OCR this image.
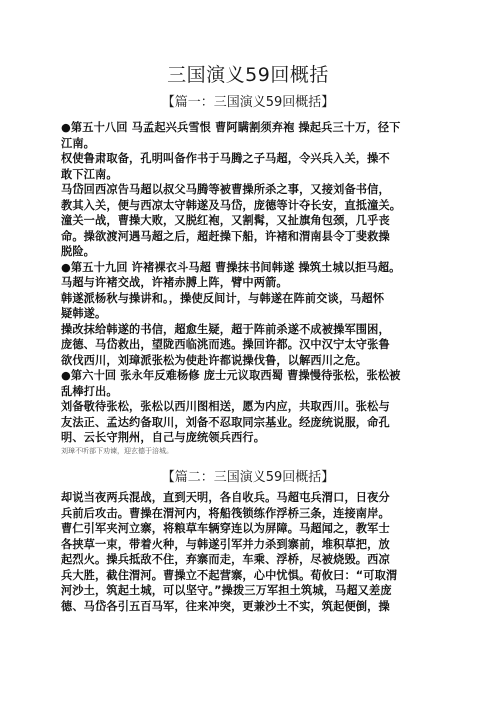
三国演义59回概括
【篇一：三国演义59回概括】
●第五十八回 马孟起兴兵雪恨 曹阿瞒割须弃袍 操起兵三十万，径下
江南。
权使鲁肃取备，孔明叫备作书于马腾之子马超，令兴兵入关，操不
敢下江南。
马岱回西凉告马超以叔父马腾等被曹操所杀之事，又接刘备书信，
教其入关，便与西凉太守韩遂及马岱，庞德等计夺长安，直抵潼关。
潼关一战，曹操大败，又脱红袍，又割髯，又扯旗角包颈，几乎丧
命。操欲渡河遇马超之后，超赶操下船，许褚和渭南县令丁斐救操
脱险。
●第五十九回 许褚裸衣斗马超 曹操抹书间韩遂 操筑土城以拒马超。
马超与许褚交战，许褚赤膊上阵，臂中两箭。
韩遂派杨秋与操讲和。，操使反间计，与韩遂在阵前交谈，马超怀
疑韩遂。
操改抹给韩遂的书信，超愈生疑，超于阵前杀遂不成被操军围困，
庞德、马岱救出，望陇西临洮而逃。操回许都。汉中汉宁太守张鲁
欲伐西川，刘璋派张松为使赴许都说操伐鲁，以解西川之危。
●第六十回 张永年反难杨修 庞士元议取西蜀 曹操慢待张松，张松被
乱棒打出。
刘备敬待张松，张松以西川图相送，愿为内应，共取西川。张松与
友法正、孟达约备取川，刘备不忍取同宗基业。经庞统说服，命孔
明、云长守荆州，自己与庞统领兵西行。
刘璋不听部下劝谏，迎玄德于涪城。
【篇二：三国演义59回概括】
却说当夜两兵混战，直到天明，各自收兵。马超屯兵渭口，日夜分
兵前后攻击。曹操在渭河内，将船筏锁练作浮桥三条，连接南岸。
曹仁引军夹河立寨，将粮草车辆穿连以为屏障。马超闻之，教军士
各挟草一束，带着火种，与韩遂引军并力杀到寨前，堆积草把，放
起烈火。操兵抵敌不住，弃寨而走，车乘、浮桥，尽被烧毁。西凉
兵大胜，截住渭河。曹操立不起营寨，心中忧惧。荀攸曰：“可取渭
河沙土，筑起土城，可以坚守。”操拨三万军担土筑城，马超又差庞
德、马岱各引五百马军，往来冲突，更兼沙土不实，筑起便倒，操
